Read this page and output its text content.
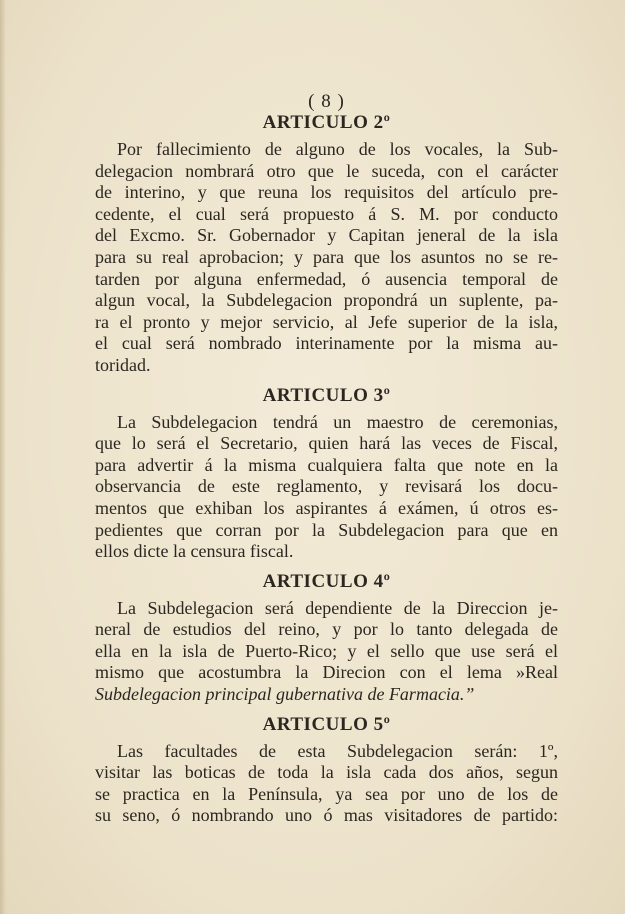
( 8 )

ARTICULO 2º
Por fallecimiento de alguno de los vocales, la Sub-
delegacion nombrará otro que le suceda, con el carácter
de interino, y que reuna los requisitos del artículo pre-
cedente, el cual será propuesto á S. M. por conducto
del Excmo. Sr. Gobernador y Capitan jeneral de la isla
para su real aprobacion; y para que los asuntos no se re-
tarden por alguna enfermedad, ó ausencia temporal de
algun vocal, la Subdelegacion propondrá un suplente, pa-
ra el pronto y mejor servicio, al Jefe superior de la isla,
el cual será nombrado interinamente por la misma au-
toridad.
ARTICULO 3º
La Subdelegacion tendrá un maestro de ceremonias,
que lo será el Secretario, quien hará las veces de Fiscal,
para advertir á la misma cualquiera falta que note en la
observancia de este reglamento, y revisará los docu-
mentos que exhiban los aspirantes á exámen, ú otros es-
pedientes que corran por la Subdelegacion para que en
ellos dicte la censura fiscal.
ARTICULO 4º
La Subdelegacion será dependiente de la Direccion je-
neral de estudios del reino, y por lo tanto delegada de
ella en la isla de Puerto-Rico; y el sello que use será el
mismo que acostumbra la Direcion con el lema »Real
Subdelegacion principal gubernativa de Farmacia.”
ARTICULO 5º
Las facultades de esta Subdelegacion serán: 1º,
visitar las boticas de toda la isla cada dos años, segun
se practica en la Península, ya sea por uno de los de
su seno, ó nombrando uno ó mas visitadores de partido:
